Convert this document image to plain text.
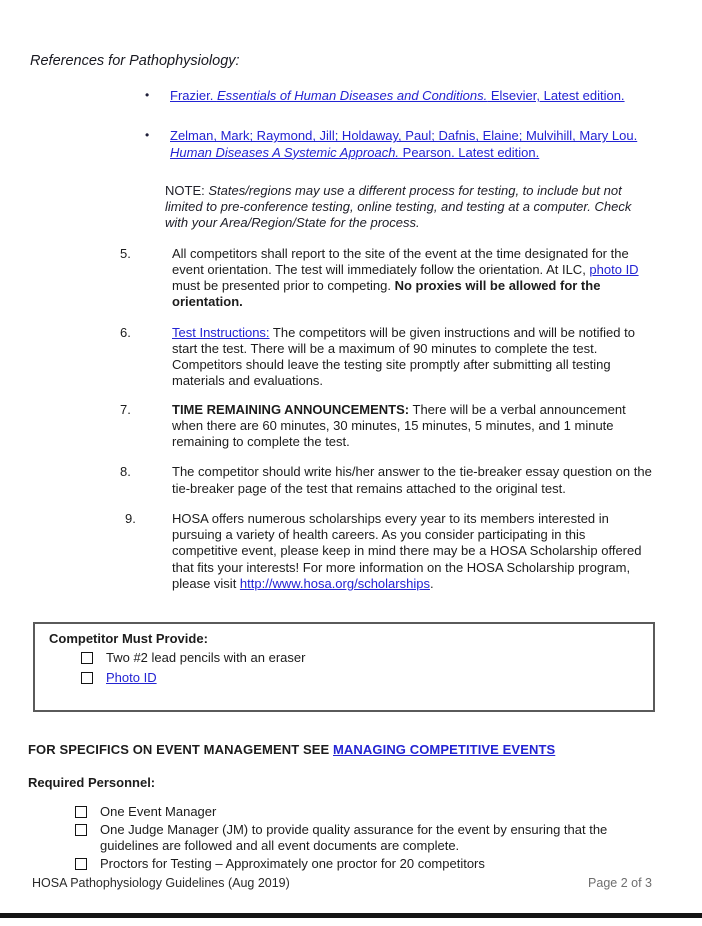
References for Pathophysiology:
•	Frazier. Essentials of Human Diseases and Conditions. Elsevier, Latest edition.
•	Zelman, Mark; Raymond, Jill; Holdaway, Paul; Dafnis, Elaine; Mulvihill, Mary Lou. Human Diseases A Systemic Approach. Pearson. Latest edition.

NOTE: States/regions may use a different process for testing, to include but not limited to pre-conference testing, online testing, and testing at a computer. Check with your Area/Region/State for the process.

5.	All competitors shall report to the site of the event at the time designated for the event orientation. The test will immediately follow the orientation. At ILC, photo ID must be presented prior to competing. No proxies will be allowed for the orientation.
6.	Test Instructions: The competitors will be given instructions and will be notified to start the test. There will be a maximum of 90 minutes to complete the test. Competitors should leave the testing site promptly after submitting all testing materials and evaluations.
7.	TIME REMAINING ANNOUNCEMENTS: There will be a verbal announcement when there are 60 minutes, 30 minutes, 15 minutes, 5 minutes, and 1 minute remaining to complete the test.
8.	The competitor should write his/her answer to the tie-breaker essay question on the tie-breaker page of the test that remains attached to the original test.
9.	HOSA offers numerous scholarships every year to its members interested in pursuing a variety of health careers. As you consider participating in this competitive event, please keep in mind there may be a HOSA Scholarship offered that fits your interests! For more information on the HOSA Scholarship program, please visit http://www.hosa.org/scholarships.
Competitor Must Provide:
Two #2 lead pencils with an eraser
Photo ID
FOR SPECIFICS ON EVENT MANAGEMENT SEE MANAGING COMPETITIVE EVENTS
Required Personnel:
One Event Manager
One Judge Manager (JM) to provide quality assurance for the event by ensuring that the guidelines are followed and all event documents are complete.
Proctors for Testing – Approximately one proctor for 20 competitors
HOSA Pathophysiology Guidelines (Aug 2019)	Page 2 of 3
